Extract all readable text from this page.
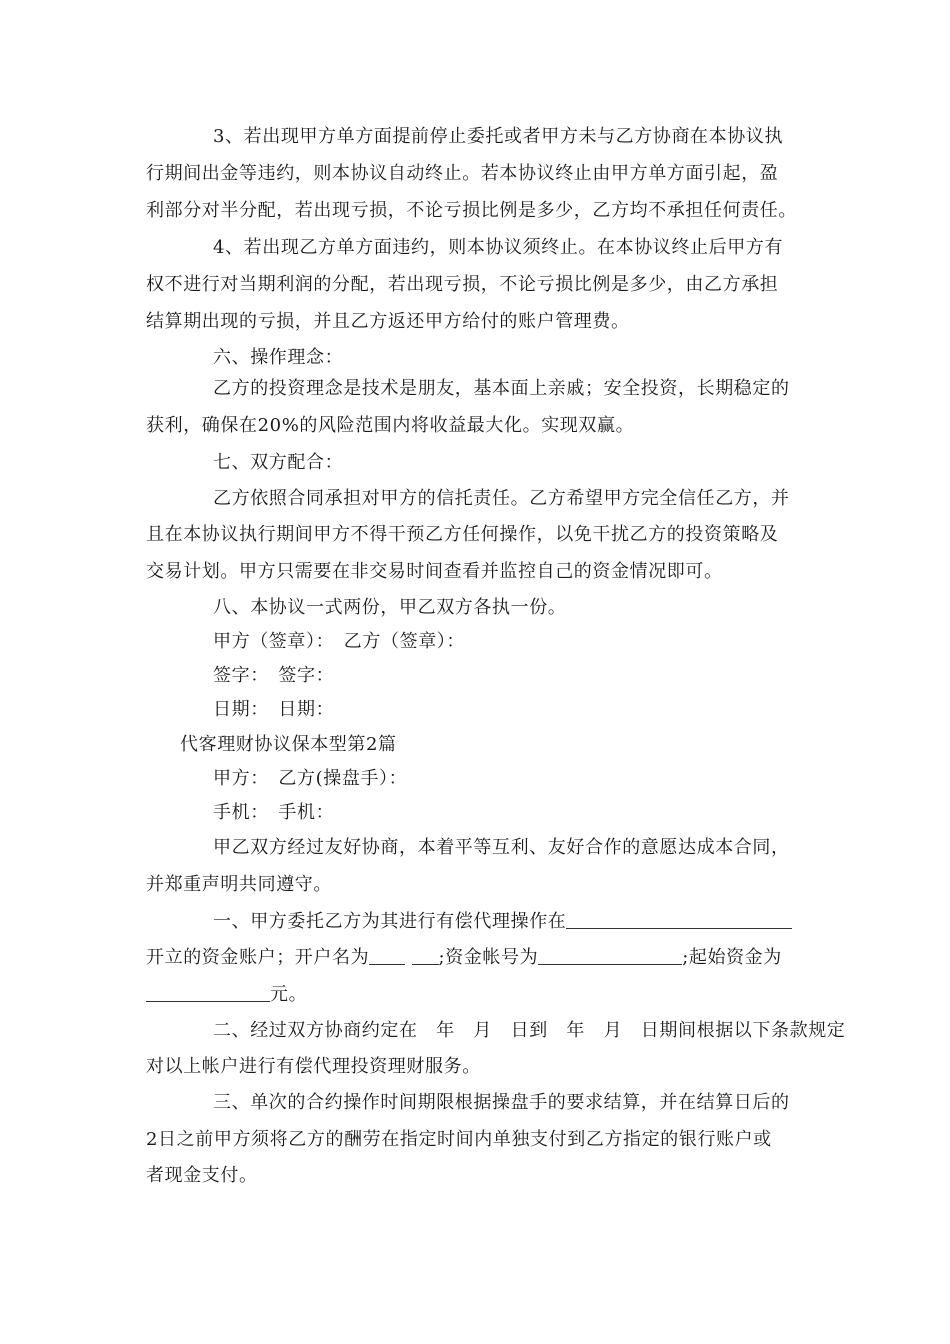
3、若出现甲方单方面提前停止委托或者甲方未与乙方协商在本协议执
行期间出金等违约，则本协议自动终止。若本协议终止由甲方单方面引起，盈
利部分对半分配，若出现亏损，不论亏损比例是多少，乙方均不承担任何责任。
4、若出现乙方单方面违约，则本协议须终止。在本协议终止后甲方有
权不进行对当期利润的分配，若出现亏损，不论亏损比例是多少，由乙方承担
结算期出现的亏损，并且乙方返还甲方给付的账户管理费。
六、操作理念：
乙方的投资理念是技术是朋友，基本面上亲戚；安全投资，长期稳定的
获利，确保在20%的风险范围内将收益最大化。实现双赢。
七、双方配合：
乙方依照合同承担对甲方的信托责任。乙方希望甲方完全信任乙方，并
且在本协议执行期间甲方不得干预乙方任何操作，以免干扰乙方的投资策略及
交易计划。甲方只需要在非交易时间查看并监控自己的资金情况即可。
八、本协议一式两份，甲乙双方各执一份。
甲方（签章）：　乙方（签章）：
签字：　签字：
日期：　日期：
代客理财协议保本型第2篇
甲方：　乙方(操盘手）：
手机：　手机：
甲乙双方经过友好协商，本着平等互利、友好合作的意愿达成本合同，
并郑重声明共同遵守。
一、甲方委托乙方为其进行有偿代理操作在
开立的资金账户；开户名为	;资金帐号为	;起始资金为
元。
二、经过双方协商约定在　年　月　日到　年　月　日期间根据以下条款规定
对以上帐户进行有偿代理投资理财服务。
三、单次的合约操作时间期限根据操盘手的要求结算，并在结算日后的
2日之前甲方须将乙方的酬劳在指定时间内单独支付到乙方指定的银行账户或
者现金支付。
